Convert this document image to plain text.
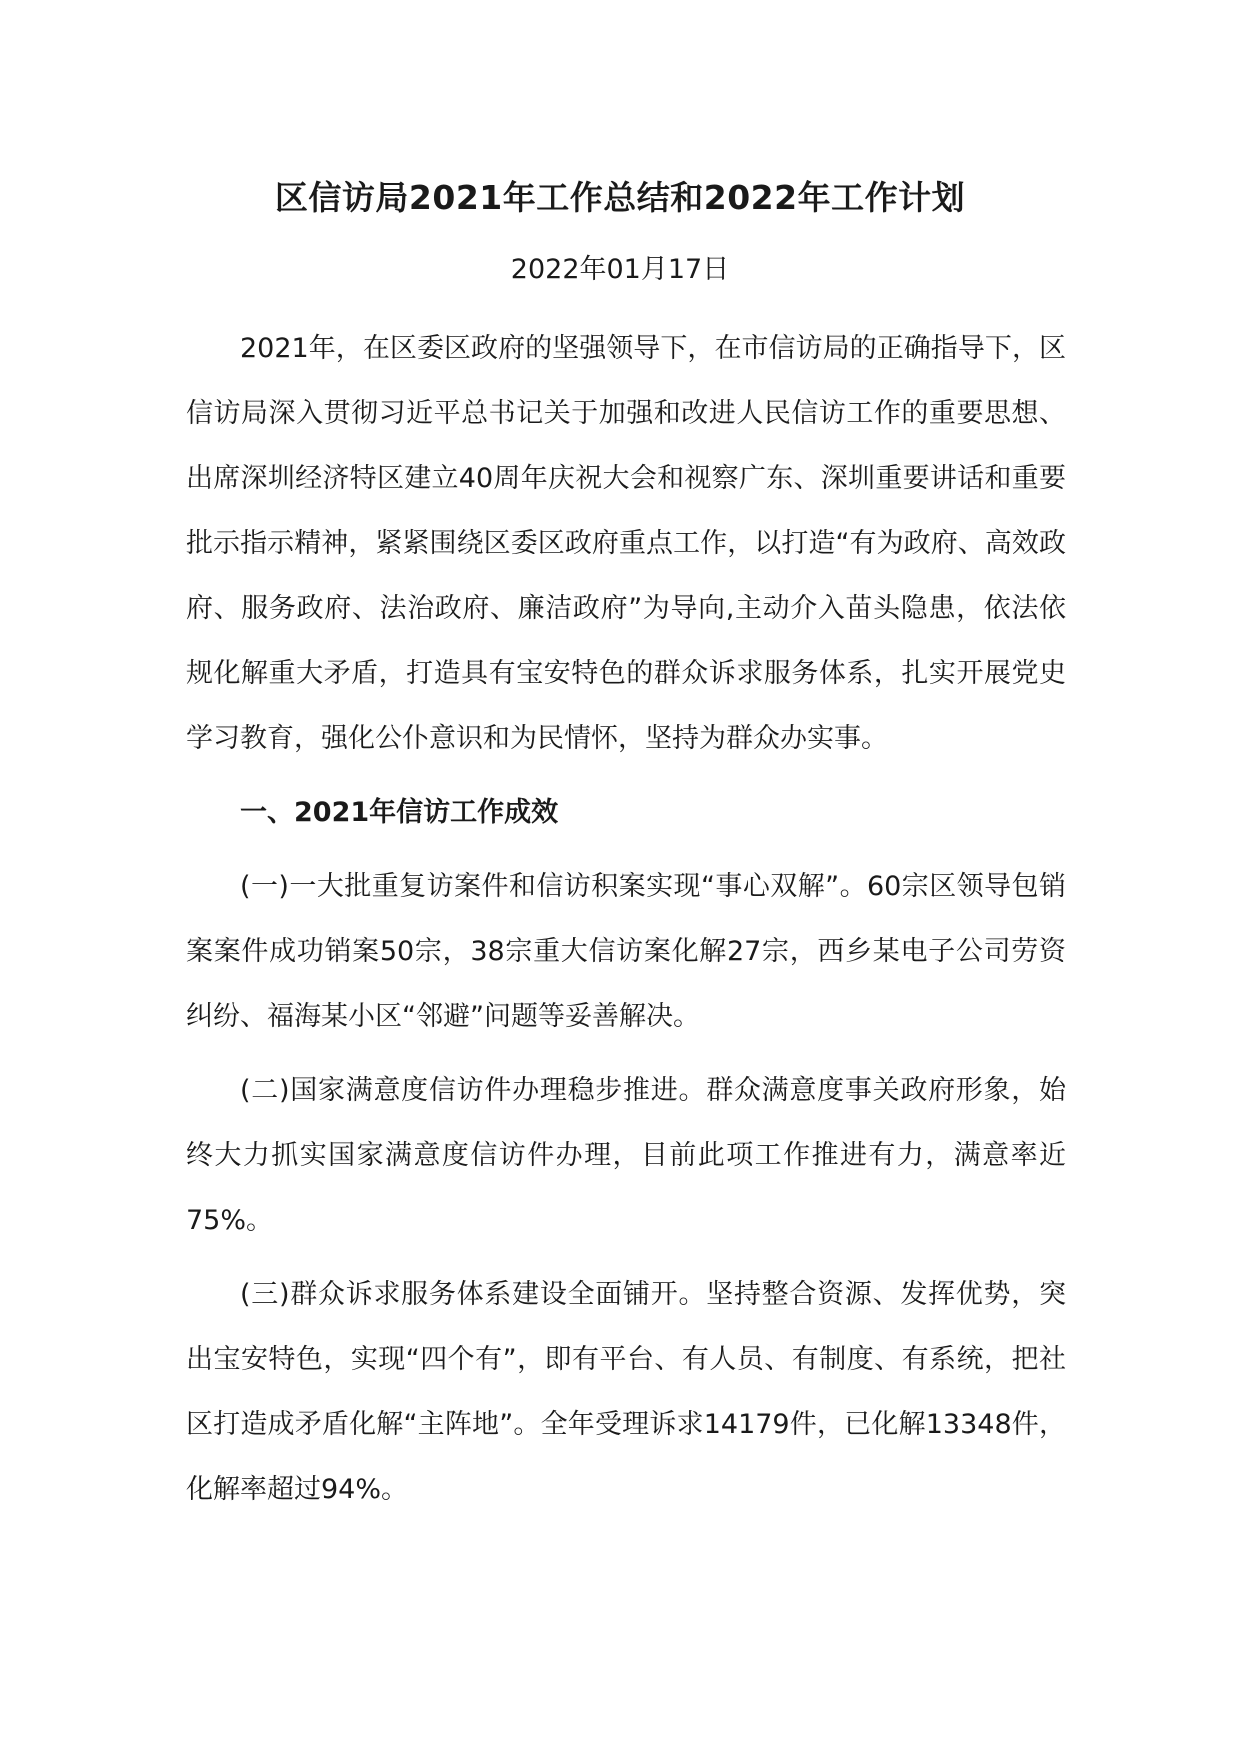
区信访局2021年工作总结和2022年工作计划

2022年01月17日

2021年，在区委区政府的坚强领导下，在市信访局的正确指导下，区信访局深入贯彻习近平总书记关于加强和改进人民信访工作的重要思想、出席深圳经济特区建立40周年庆祝大会和视察广东、深圳重要讲话和重要批示指示精神，紧紧围绕区委区政府重点工作，以打造“有为政府、高效政府、服务政府、法治政府、廉洁政府”为导向,主动介入苗头隐患，依法依规化解重大矛盾，打造具有宝安特色的群众诉求服务体系，扎实开展党史学习教育，强化公仆意识和为民情怀，坚持为群众办实事。

一、2021年信访工作成效

(一)一大批重复访案件和信访积案实现“事心双解”。60宗区领导包销案案件成功销案50宗，38宗重大信访案化解27宗，西乡某电子公司劳资纠纷、福海某小区“邻避”问题等妥善解决。

(二)国家满意度信访件办理稳步推进。群众满意度事关政府形象，始终大力抓实国家满意度信访件办理，目前此项工作推进有力，满意率近75%。

(三)群众诉求服务体系建设全面铺开。坚持整合资源、发挥优势，突出宝安特色，实现“四个有”，即有平台、有人员、有制度、有系统，把社区打造成矛盾化解“主阵地”。全年受理诉求14179件，已化解13348件，化解率超过94%。
